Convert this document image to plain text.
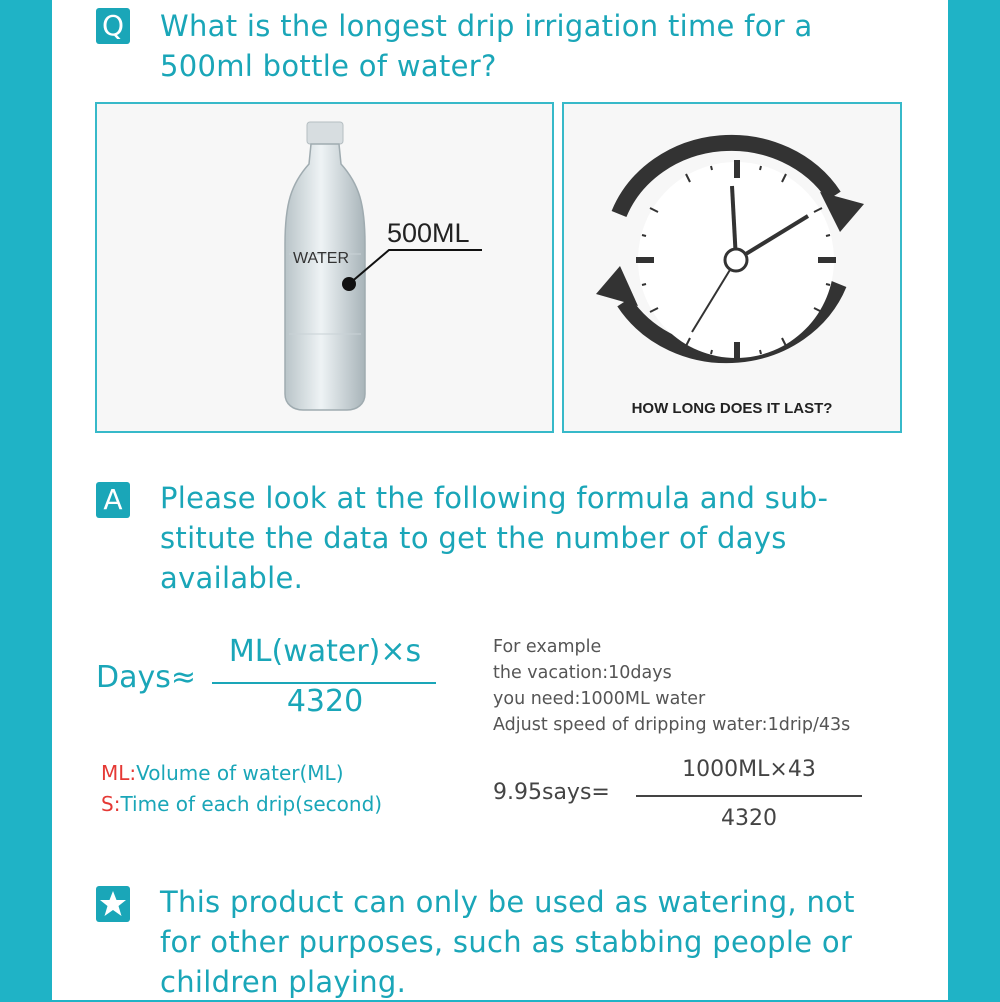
Q What is the longest drip irrigation time for a
500ml bottle of water?
WATER
500ML
HOW LONG DOES IT LAST?
A Please look at the following formula and sub-
stitute the data to get the number of days
available.
Days≈
ML(water)×s
4320
For example
the vacation:10days
you need:1000ML water
Adjust speed of dripping water:1drip/43s
ML:Volume of water(ML)
S:Time of each drip(second)	9.95says=
1000ML×43
4320
This product can only be used as watering, not
for other purposes, such as stabbing people or
children playing.
